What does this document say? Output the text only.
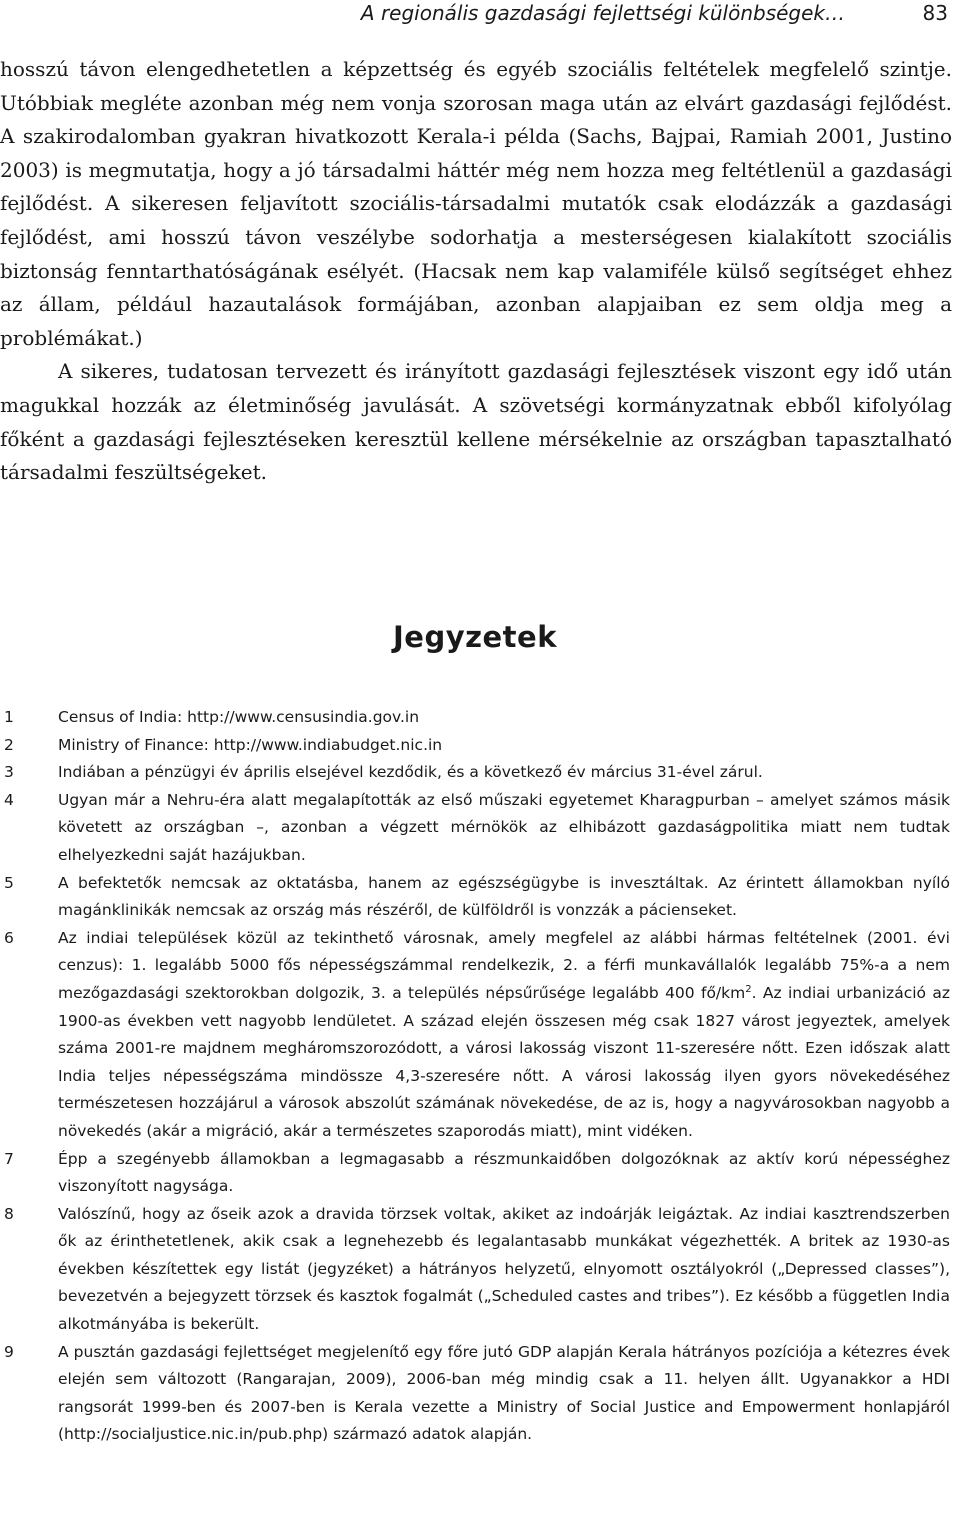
A regionális gazdasági fejlettségi különbségek…	83

hosszú távon elengedhetetlen a képzettség és egyéb szociális feltételek megfelelő szintje. Utóbbiak megléte azonban még nem vonja szorosan maga után az elvárt gazdasági fejlődést. A szakirodalomban gyakran hivatkozott Kerala-i példa (Sachs, Bajpai, Ramiah 2001, Justino 2003) is megmutatja, hogy a jó társadalmi háttér még nem hozza meg feltétlenül a gazdasági fejlődést. A sikeresen feljavított szociális-társadalmi mutatók csak elodázzák a gazdasági fejlődést, ami hosszú távon veszélybe sodorhatja a mesterségesen kialakított szociális biztonság fenntarthatóságának esélyét. (Hacsak nem kap valamiféle külső segítséget ehhez az állam, például hazautalások formájában, azonban alapjaiban ez sem oldja meg a problémákat.)

A sikeres, tudatosan tervezett és irányított gazdasági fejlesztések viszont egy idő után magukkal hozzák az életminőség javulását. A szövetségi kormányzatnak ebből kifolyólag főként a gazdasági fejlesztéseken keresztül kellene mérsékelnie az országban tapasztalható társadalmi feszültségeket.

Jegyzetek
1	Census of India: http://www.censusindia.gov.in
2	Ministry of Finance: http://www.indiabudget.nic.in
3	Indiában a pénzügyi év április elsejével kezdődik, és a következő év március 31-ével zárul.
4	Ugyan már a Nehru-éra alatt megalapították az első műszaki egyetemet Kharagpurban – amelyet számos másik követett az országban –, azonban a végzett mérnökök az elhibázott gazdaságpolitika miatt nem tudtak elhelyezkedni saját hazájukban.
5	A befektetők nemcsak az oktatásba, hanem az egészségügybe is invesztáltak. Az érintett államokban nyíló magánklinikák nemcsak az ország más részéről, de külföldről is vonzzák a pácienseket.
6	Az indiai települések közül az tekinthető városnak, amely megfelel az alábbi hármas feltételnek (2001. évi cenzus): 1. legalább 5000 fős népességszámmal rendelkezik, 2. a férfi munkavállalók legalább 75%-a a nem mezőgazdasági szektorokban dolgozik, 3. a település népsűrűsége legalább 400 $fő/km^2$. Az indiai urbanizáció az 1900-as években vett nagyobb lendületet. A század elején összesen még csak 1827 várost jegyeztek, amelyek száma 2001-re majdnem megháromszorozódott, a városi lakosság viszont 11-szeresére nőtt. Ezen időszak alatt India teljes népességszáma mindössze 4,3-szeresére nőtt. A városi lakosság ilyen gyors növekedéséhez természetesen hozzájárul a városok abszolút számának növekedése, de az is, hogy a nagyvárosokban nagyobb a növekedés (akár a migráció, akár a természetes szaporodás miatt), mint vidéken.
7	Épp a szegényebb államokban a legmagasabb a részmunkaidőben dolgozóknak az aktív korú népességhez viszonyított nagysága.
8	Valószínű, hogy az őseik azok a dravida törzsek voltak, akiket az indoárják leigáztak. Az indiai kasztrendszerben ők az érinthetetlenek, akik csak a legnehezebb és legalantasabb munkákat végezhették. A britek az 1930-as években készítettek egy listát (jegyzéket) a hátrányos helyzetű, elnyomott osztályokról („Depressed classes”), bevezetvén a bejegyzett törzsek és kasztok fogalmát („Scheduled castes and tribes”). Ez később a független India alkotmányába is bekerült.
9	A pusztán gazdasági fejlettséget megjelenítő egy főre jutó GDP alapján Kerala hátrányos pozíciója a kétezres évek elején sem változott (Rangarajan, 2009), 2006-ban még mindig csak a 11. helyen állt. Ugyanakkor a HDI rangsorát 1999-ben és 2007-ben is Kerala vezette a Ministry of Social Justice and Empowerment honlapjáról (http://socialjustice.nic.in/pub.php) származó adatok alapján.
